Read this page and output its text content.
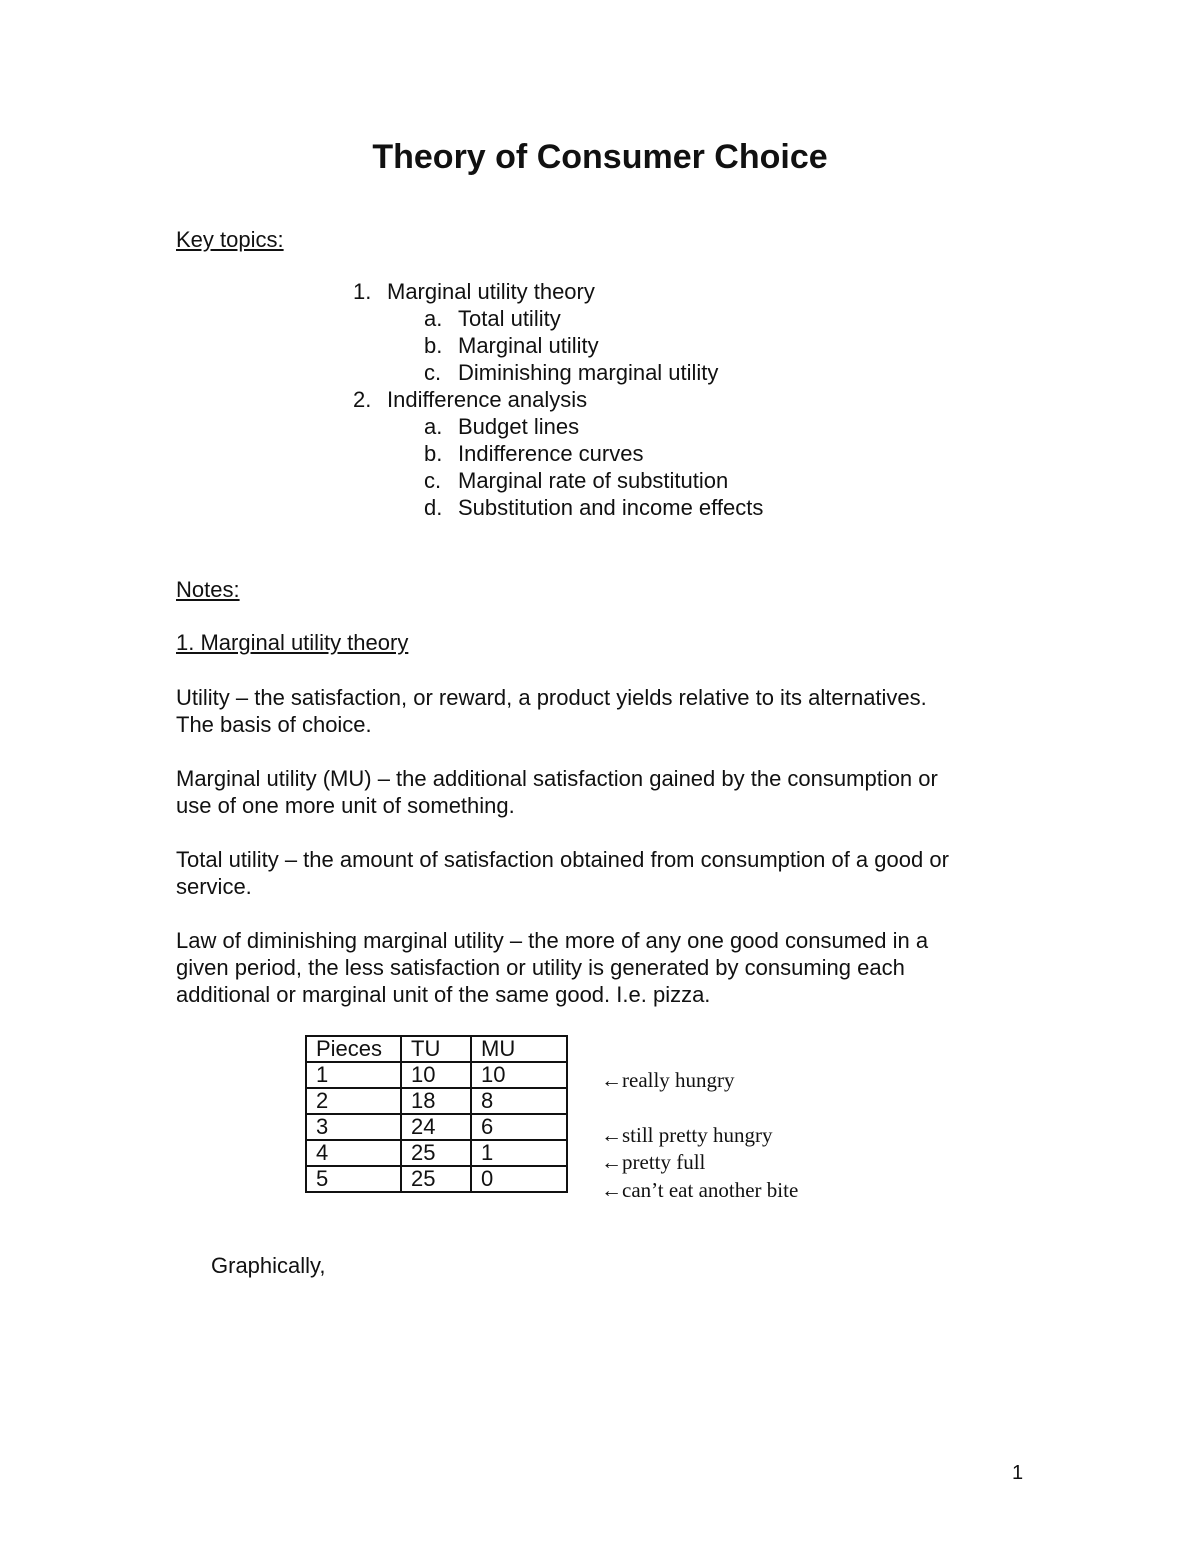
Theory of Consumer Choice
Key topics:
1. Marginal utility theory
a. Total utility
b. Marginal utility
c. Diminishing marginal utility
2. Indifference analysis
a. Budget lines
b. Indifference curves
c. Marginal rate of substitution
d. Substitution and income effects
Notes:
1. Marginal utility theory
Utility – the satisfaction, or reward, a product yields relative to its alternatives.
The basis of choice.
Marginal utility (MU) – the additional satisfaction gained by the consumption or
use of one more unit of something.
Total utility – the amount of satisfaction obtained from consumption of a good or
service.
Law of diminishing marginal utility – the more of any one good consumed in a
given period, the less satisfaction or utility is generated by consuming each
additional or marginal unit of the same good. I.e. pizza.
Pieces	TU	MU
1	10	10
2	18	8
3	24	6
4	25	1
5	25	0
←really hungry
←still pretty hungry
←pretty full
←can’t eat another bite
Graphically,
1
